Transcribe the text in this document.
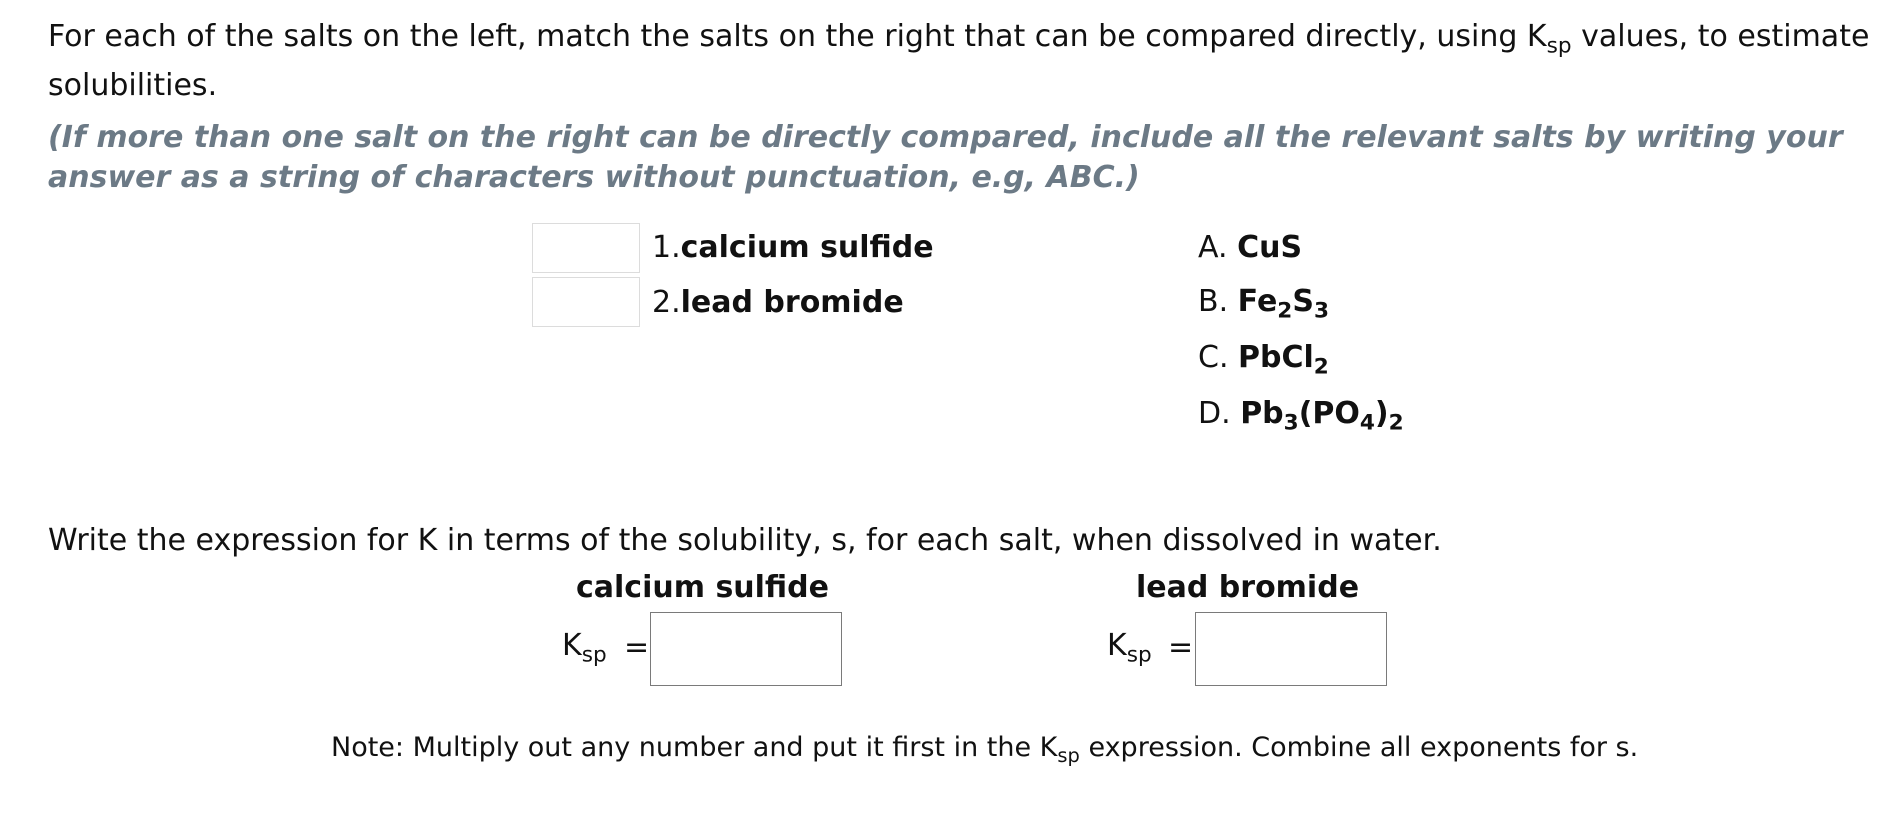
For each of the salts on the left, match the salts on the right that can be compared directly, using $K_{sp}$ values, to estimate solubilities.
(If more than one salt on the right can be directly compared, include all the relevant salts by writing your answer as a string of characters without punctuation, e.g, ABC.)
1.calcium sulfide
2.lead bromide
A. CuS
B. $Fe_2S_3$
C. PbCl$_2$
D. $Pb_3(PO_4)_2$
Write the expression for K in terms of the solubility, s, for each salt, when dissolved in water.
calcium sulfide	lead bromide
$K_{sp}$ =	$K_{sp}$ =
Note: Multiply out any number and put it first in the $K_{sp}$ expression. Combine all exponents for s.
